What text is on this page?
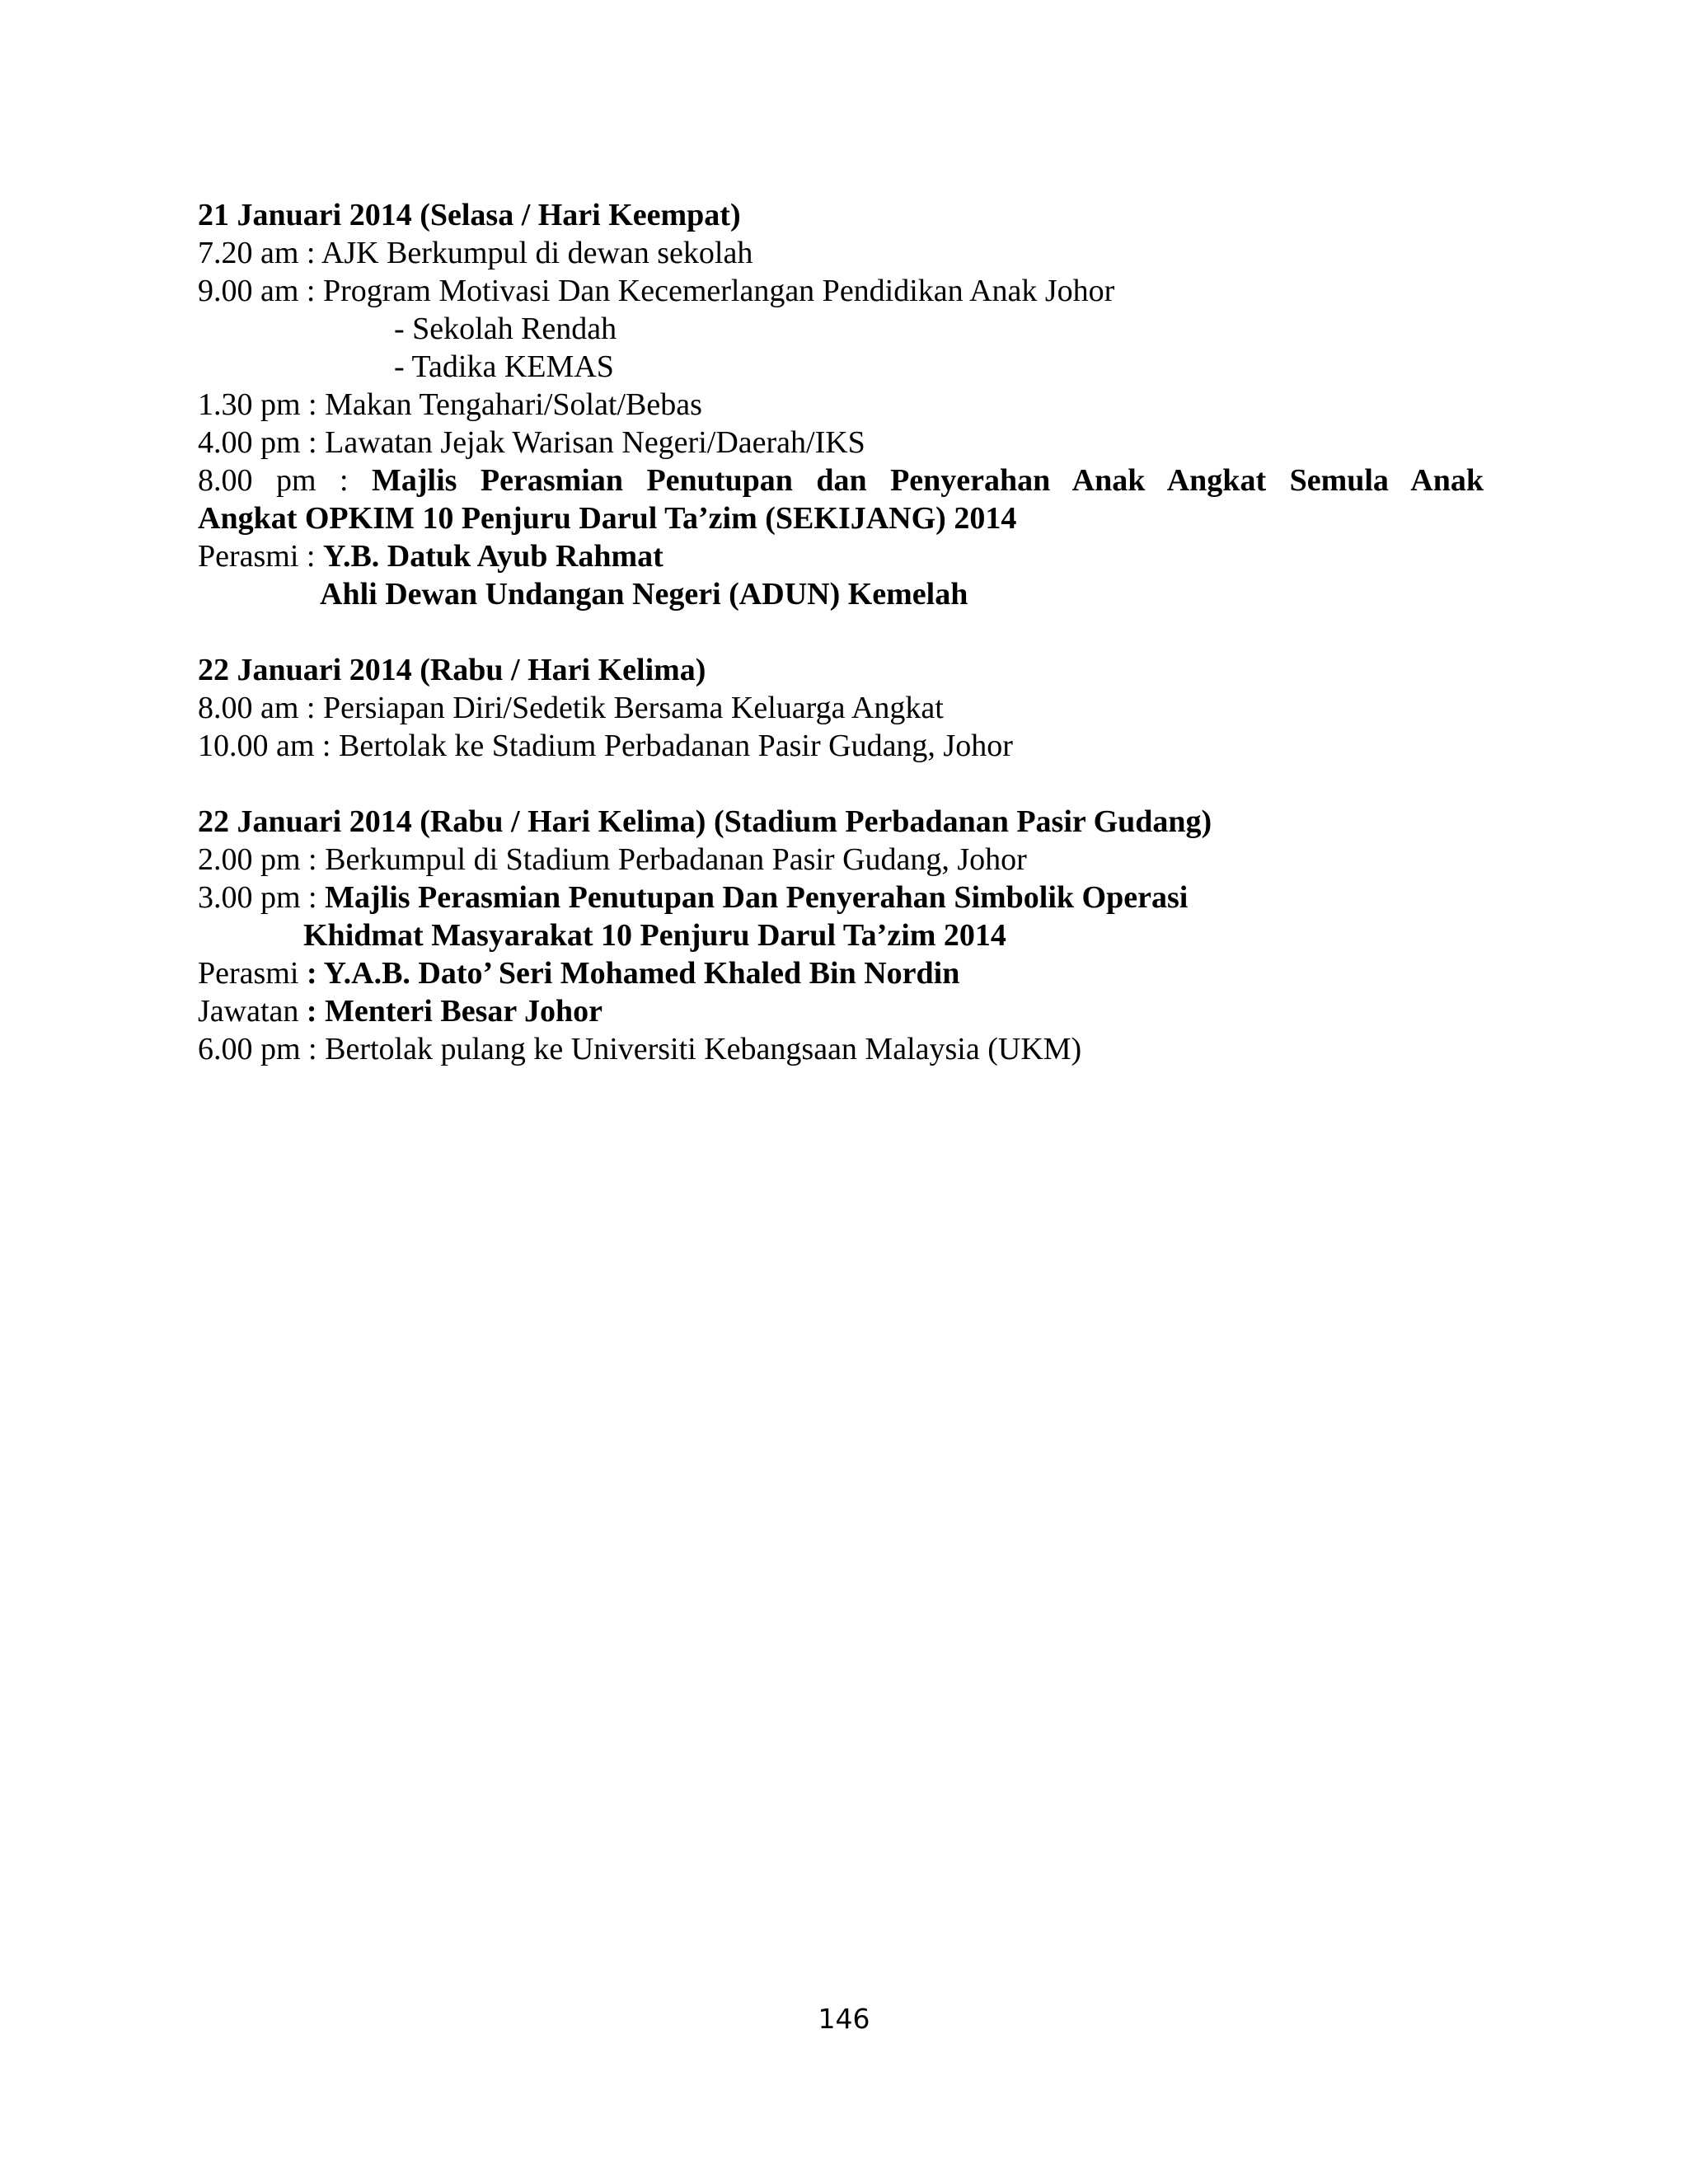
21 Januari 2014 (Selasa / Hari Keempat)
7.20 am : AJK Berkumpul di dewan sekolah
9.00 am : Program Motivasi Dan Kecemerlangan Pendidikan Anak Johor
- Sekolah Rendah
- Tadika KEMAS
1.30 pm : Makan Tengahari/Solat/Bebas
4.00 pm : Lawatan Jejak Warisan Negeri/Daerah/IKS
8.00 pm : Majlis Perasmian Penutupan dan Penyerahan Anak Angkat Semula Anak
Angkat OPKIM 10 Penjuru Darul Ta’zim (SEKIJANG) 2014
Perasmi : Y.B. Datuk Ayub Rahmat
Ahli Dewan Undangan Negeri (ADUN) Kemelah
22 Januari 2014 (Rabu / Hari Kelima)
8.00 am : Persiapan Diri/Sedetik Bersama Keluarga Angkat
10.00 am : Bertolak ke Stadium Perbadanan Pasir Gudang, Johor
22 Januari 2014 (Rabu / Hari Kelima) (Stadium Perbadanan Pasir Gudang)
2.00 pm : Berkumpul di Stadium Perbadanan Pasir Gudang, Johor
3.00 pm : Majlis Perasmian Penutupan Dan Penyerahan Simbolik Operasi
Khidmat Masyarakat 10 Penjuru Darul Ta’zim 2014
Perasmi : Y.A.B. Dato’ Seri Mohamed Khaled Bin Nordin
Jawatan : Menteri Besar Johor
6.00 pm : Bertolak pulang ke Universiti Kebangsaan Malaysia (UKM)
146
